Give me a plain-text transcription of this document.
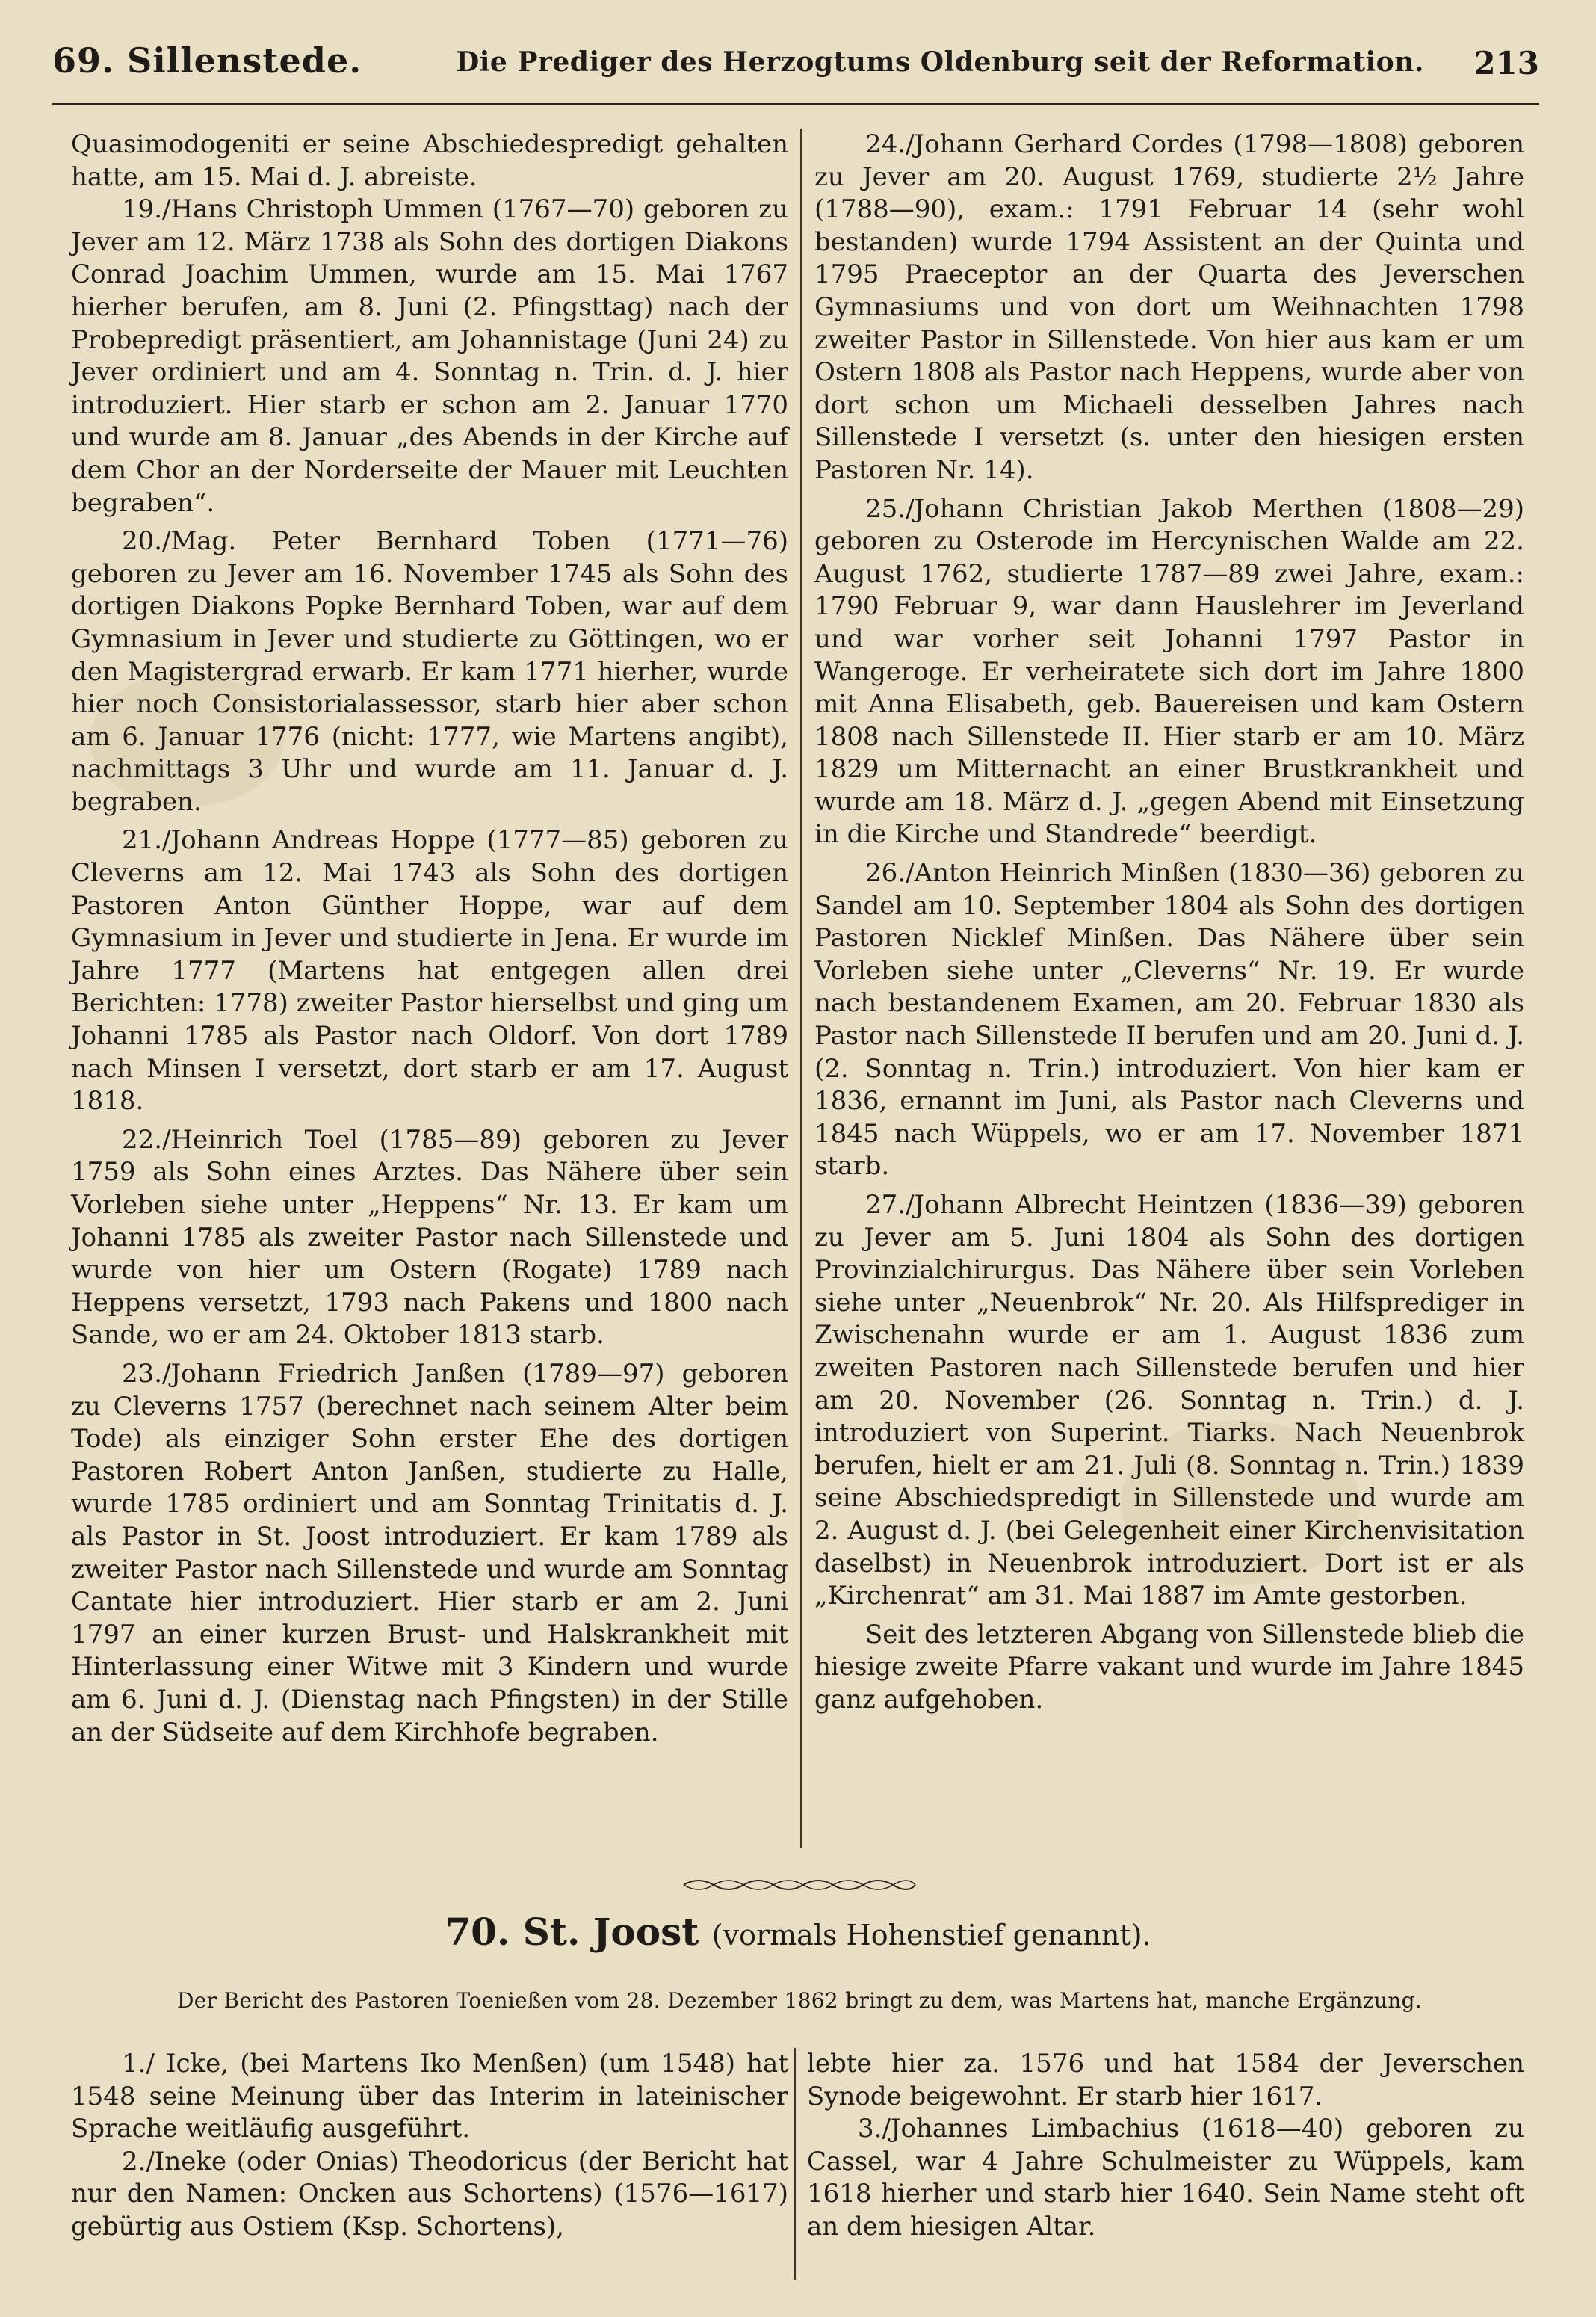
69. Sillenstede.	Die Prediger des Herzogtums Oldenburg seit der Reformation. 213

Quasimodogeniti er seine Abschiedespredigt gehalten hatte, am 15. Mai d. J. abreiste.

19./Hans Christoph Ummen (1767—70) geboren zu Jever am 12. März 1738 als Sohn des dortigen Diakons Conrad Joachim Ummen, wurde am 15. Mai 1767 hierher berufen, am 8. Juni (2. Pfingsttag) nach der Probepredigt präsentiert, am Johannistage (Juni 24) zu Jever ordiniert und am 4. Sonntag n. Trin. d. J. hier introduziert. Hier starb er schon am 2. Januar 1770 und wurde am 8. Januar „des Abends in der Kirche auf dem Chor an der Norderseite der Mauer mit Leuchten begraben“.

20./Mag. Peter Bernhard Toben (1771—76) geboren zu Jever am 16. November 1745 als Sohn des dortigen Diakons Popke Bernhard Toben, war auf dem Gymnasium in Jever und studierte zu Göttingen, wo er den Magistergrad erwarb. Er kam 1771 hierher, wurde hier noch Consistorialassessor, starb hier aber schon am 6. Januar 1776 (nicht: 1777, wie Martens angibt), nachmittags 3 Uhr und wurde am 11. Januar d. J. begraben.

21./Johann Andreas Hoppe (1777—85) geboren zu Cleverns am 12. Mai 1743 als Sohn des dortigen Pastoren Anton Günther Hoppe, war auf dem Gymnasium in Jever und studierte in Jena. Er wurde im Jahre 1777 (Martens hat entgegen allen drei Berichten: 1778) zweiter Pastor hierselbst und ging um Johanni 1785 als Pastor nach Oldorf. Von dort 1789 nach Minsen I versetzt, dort starb er am 17. August 1818.

22./Heinrich Toel (1785—89) geboren zu Jever 1759 als Sohn eines Arztes. Das Nähere über sein Vorleben siehe unter „Heppens“ Nr. 13. Er kam um Johanni 1785 als zweiter Pastor nach Sillenstede und wurde von hier um Ostern (Rogate) 1789 nach Heppens versetzt, 1793 nach Pakens und 1800 nach Sande, wo er am 24. Oktober 1813 starb.

23./Johann Friedrich Janßen (1789—97) geboren zu Cleverns 1757 (berechnet nach seinem Alter beim Tode) als einziger Sohn erster Ehe des dortigen Pastoren Robert Anton Janßen, studierte zu Halle, wurde 1785 ordiniert und am Sonntag Trinitatis d. J. als Pastor in St. Joost introduziert. Er kam 1789 als zweiter Pastor nach Sillenstede und wurde am Sonntag Cantate hier introduziert. Hier starb er am 2. Juni 1797 an einer kurzen Brust- und Halskrankheit mit Hinterlassung einer Witwe mit 3 Kindern und wurde am 6. Juni d. J. (Dienstag nach Pfingsten) in der Stille an der Südseite auf dem Kirchhofe begraben.

24./Johann Gerhard Cordes (1798—1808) geboren zu Jever am 20. August 1769, studierte 2½ Jahre (1788—90), exam.: 1791 Februar 14 (sehr wohl bestanden) wurde 1794 Assistent an der Quinta und 1795 Praeceptor an der Quarta des Jeverschen Gymnasiums und von dort um Weihnachten 1798 zweiter Pastor in Sillenstede. Von hier aus kam er um Ostern 1808 als Pastor nach Heppens, wurde aber von dort schon um Michaeli desselben Jahres nach Sillenstede I versetzt (s. unter den hiesigen ersten Pastoren Nr. 14).

25./Johann Christian Jakob Merthen (1808—29) geboren zu Osterode im Hercynischen Walde am 22. August 1762, studierte 1787—89 zwei Jahre, exam.: 1790 Februar 9, war dann Hauslehrer im Jeverland und war vorher seit Johanni 1797 Pastor in Wangeroge. Er verheiratete sich dort im Jahre 1800 mit Anna Elisabeth, geb. Bauereisen und kam Ostern 1808 nach Sillenstede II. Hier starb er am 10. März 1829 um Mitternacht an einer Brustkrankheit und wurde am 18. März d. J. „gegen Abend mit Einsetzung in die Kirche und Standrede“ beerdigt.

26./Anton Heinrich Minßen (1830—36) geboren zu Sandel am 10. September 1804 als Sohn des dortigen Pastoren Nicklef Minßen. Das Nähere über sein Vorleben siehe unter „Cleverns“ Nr. 19. Er wurde nach bestandenem Examen, am 20. Februar 1830 als Pastor nach Sillenstede II berufen und am 20. Juni d. J. (2. Sonntag n. Trin.) introduziert. Von hier kam er 1836, ernannt im Juni, als Pastor nach Cleverns und 1845 nach Wüppels, wo er am 17. November 1871 starb.

27./Johann Albrecht Heintzen (1836—39) geboren zu Jever am 5. Juni 1804 als Sohn des dortigen Provinzialchirurgus. Das Nähere über sein Vorleben siehe unter „Neuenbrok“ Nr. 20. Als Hilfsprediger in Zwischenahn wurde er am 1. August 1836 zum zweiten Pastoren nach Sillenstede berufen und hier am 20. November (26. Sonntag n. Trin.) d. J. introduziert von Superint. Tiarks. Nach Neuenbrok berufen, hielt er am 21. Juli (8. Sonntag n. Trin.) 1839 seine Abschiedspredigt in Sillenstede und wurde am 2. August d. J. (bei Gelegenheit einer Kirchenvisitation daselbst) in Neuenbrok introduziert. Dort ist er als „Kirchenrat“ am 31. Mai 1887 im Amte gestorben.

Seit des letzteren Abgang von Sillenstede blieb die hiesige zweite Pfarre vakant und wurde im Jahre 1845 ganz aufgehoben.

70. St. Joost (vormals Hohenstief genannt).
Der Bericht des Pastoren Toenießen vom 28. Dezember 1862 bringt zu dem, was Martens hat, manche Ergänzung.

1./ Icke, (bei Martens Iko Menßen) (um 1548) hat 1548 seine Meinung über das Interim in lateinischer Sprache weitläufig ausgeführt.

2./Ineke (oder Onias) Theodoricus (der Bericht hat nur den Namen: Oncken aus Schortens) (1576—1617) gebürtig aus Ostiem (Ksp. Schortens),

lebte hier za. 1576 und hat 1584 der Jeverschen Synode beigewohnt. Er starb hier 1617.

3./Johannes Limbachius (1618—40) geboren zu Cassel, war 4 Jahre Schulmeister zu Wüppels, kam 1618 hierher und starb hier 1640. Sein Name steht oft an dem hiesigen Altar.
